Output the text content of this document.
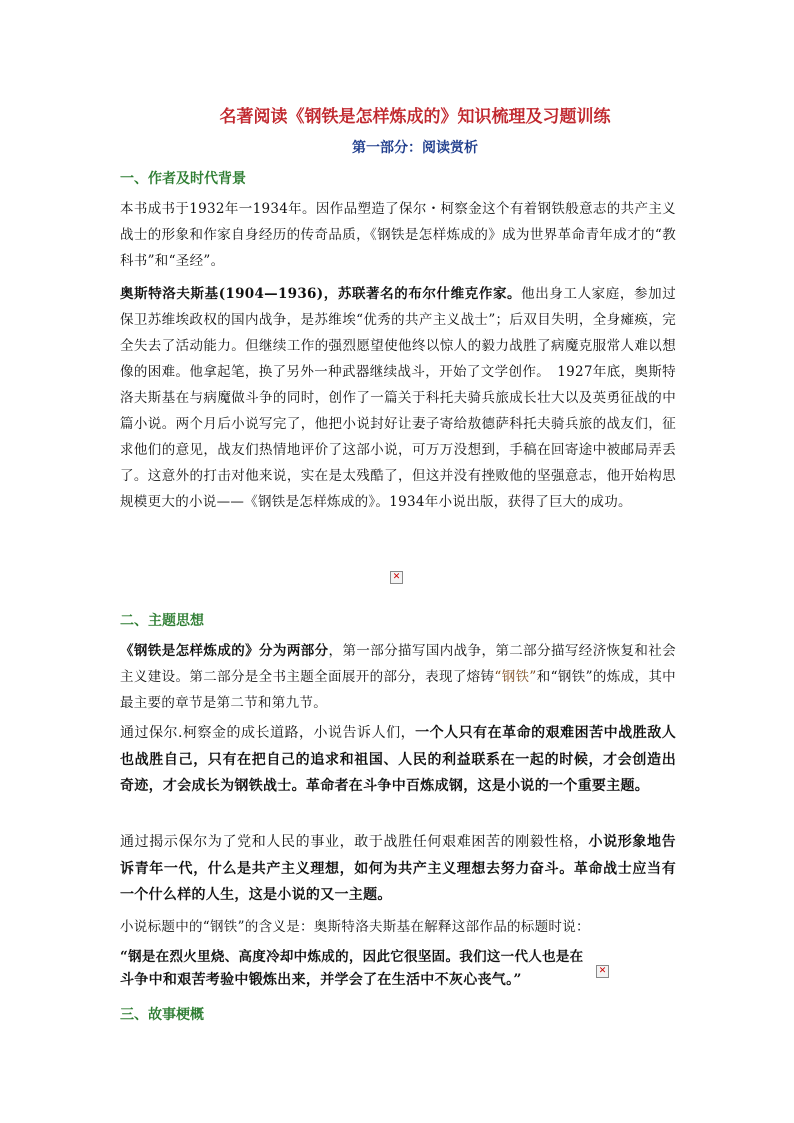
名著阅读《钢铁是怎样炼成的》知识梳理及习题训练
第一部分：阅读赏析
一、作者及时代背景

本书成书于1932年一1934年。因作品塑造了保尔・柯察金这个有着钢铁般意志的共产主义战士的形象和作家自身经历的传奇品质，《钢铁是怎样炼成的》成为世界革命青年成才的“教科书”和“圣经”。

奥斯特洛夫斯基(1904—1936)，苏联著名的布尔什维克作家。他出身工人家庭，参加过保卫苏维埃政权的国内战争，是苏维埃“优秀的共产主义战士”；后双目失明，全身瘫痪，完全失去了活动能力。但继续工作的强烈愿望使他终以惊人的毅力战胜了病魔克服常人难以想像的困难。他拿起笔，换了另外一种武器继续战斗，开始了文学创作。　1927年底，奥斯特洛夫斯基在与病魔做斗争的同时，创作了一篇关于科托夫骑兵旅成长壮大以及英勇征战的中篇小说。两个月后小说写完了，他把小说封好让妻子寄给敖德萨科托夫骑兵旅的战友们，征求他们的意见，战友们热情地评价了这部小说，可万万没想到，手稿在回寄途中被邮局弄丢了。这意外的打击对他来说，实在是太残酷了，但这并没有挫败他的坚强意志，他开始构思规模更大的小说——《钢铁是怎样炼成的》。1934年小说出版，获得了巨大的成功。

✕
二、主题思想

《钢铁是怎样炼成的》分为两部分，第一部分描写国内战争，第二部分描写经济恢复和社会主义建设。第二部分是全书主题全面展开的部分，表现了熔铸“钢铁”和“钢铁”的炼成，其中最主要的章节是第二节和第九节。

通过保尔.柯察金的成长道路，小说告诉人们，一个人只有在革命的艰难困苦中战胜敌人也战胜自己，只有在把自己的追求和祖国、人民的利益联系在一起的时候，才会创造出奇迹，才会成长为钢铁战士。革命者在斗争中百炼成钢，这是小说的一个重要主题。

通过揭示保尔为了党和人民的事业，敢于战胜任何艰难困苦的刚毅性格，小说形象地告诉青年一代，什么是共产主义理想，如何为共产主义理想去努力奋斗。革命战士应当有一个什么样的人生，这是小说的又一主题。

小说标题中的“钢铁”的含义是：奥斯特洛夫斯基在解释这部作品的标题时说：

“钢是在烈火里烧、高度冷却中炼成的，因此它很坚固。我们这一代人也是在

斗争中和艰苦考验中锻炼出来，并学会了在生活中不灰心丧气。”

✕
三、故事梗概
